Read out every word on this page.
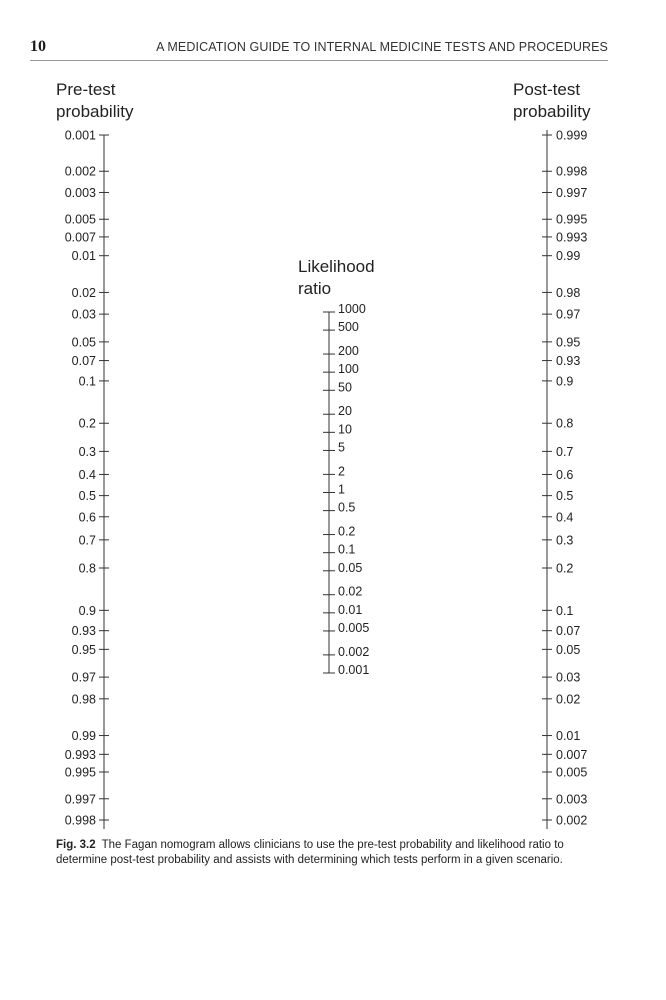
10	A MEDICATION GUIDE TO INTERNAL MEDICINE TESTS AND PROCEDURES
Pre-test
probability
Post-test
probability
Likelihood
ratio
0.001
0.002
0.003
0.005
0.007
0.01
0.02
0.03
0.05
0.07
0.1
0.2
0.3
0.4
0.5
0.6
0.7
0.8
0.9
0.93
0.95
0.97
0.98
0.99
0.993
0.995
0.997
0.998
0.999
0.998
0.997
0.995
0.993
0.99
0.98
0.97
0.95
0.93
0.9
0.8
0.7
0.6
0.5
0.4
0.3
0.2
0.1
0.07
0.05
0.03
0.02
0.01
0.007
0.005
0.003
0.002
1000
500
200
100
50
20
10
5
2
1
0.5
0.2
0.1
0.05
0.02
0.01
0.005
0.002
0.001
Fig. 3.2 The Fagan nomogram allows clinicians to use the pre-test probability and likelihood ratio to determine post-test probability and assists with determining which tests perform in a given scenario.
